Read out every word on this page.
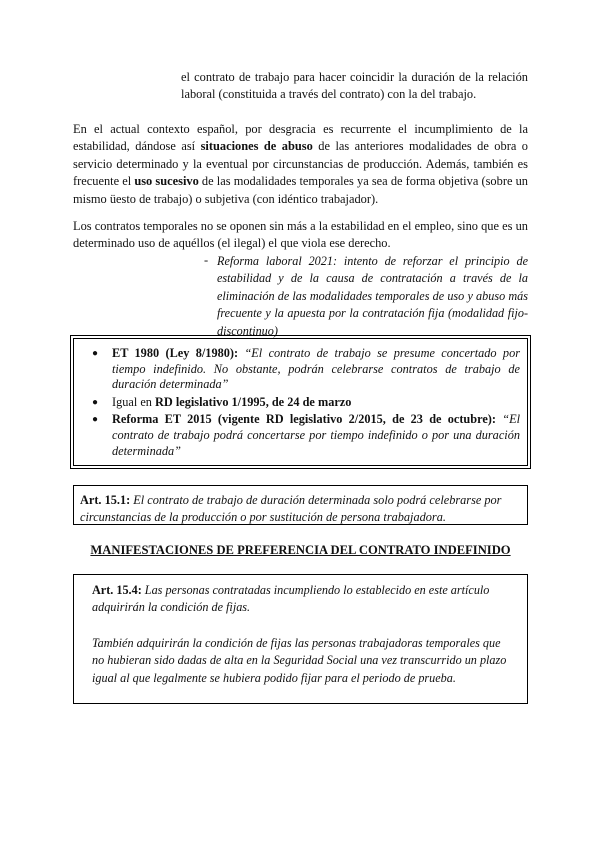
el contrato de trabajo para hacer coincidir la duración de la relación
laboral (constituida a través del contrato) con la del trabajo.
En el actual contexto español, por desgracia es recurrente el incumplimiento de la estabilidad, dándose así situaciones de abuso de las anteriores modalidades de obra o servicio determinado y la eventual por circunstancias de producción. Además, también es frecuente el uso sucesivo de las modalidades temporales ya sea de forma objetiva (sobre un mismo üesto de trabajo) o subjetiva (con idéntico trabajador).
Los contratos temporales no se oponen sin más a la estabilidad en el empleo, sino que es un determinado uso de aquéllos (el ilegal) el que viola ese derecho.
- Reforma laboral 2021: intento de reforzar el principio de estabilidad y de la causa de contratación a través de la eliminación de las modalidades temporales de uso y abuso más frecuente y la apuesta por la contratación fija (modalidad fijo-discontinuo)
● ET 1980 (Ley 8/1980): “El contrato de trabajo se presume concertado por tiempo indefinido. No obstante, podrán celebrarse contratos de trabajo de duración determinada”
● Igual en RD legislativo 1/1995, de 24 de marzo
● Reforma ET 2015 (vigente RD legislativo 2/2015, de 23 de octubre): “El contrato de trabajo podrá concertarse por tiempo indefinido o por una duración determinada”
Art. 15.1: El contrato de trabajo de duración determinada solo podrá celebrarse por circunstancias de la producción o por sustitución de persona trabajadora.
MANIFESTACIONES DE PREFERENCIA DEL CONTRATO INDEFINIDO

Art. 15.4: Las personas contratadas incumpliendo lo establecido en este artículo adquirirán la condición de fijas.

También adquirirán la condición de fijas las personas trabajadoras temporales que no hubieran sido dadas de alta en la Seguridad Social una vez transcurrido un plazo igual al que legalmente se hubiera podido fijar para el periodo de prueba.
